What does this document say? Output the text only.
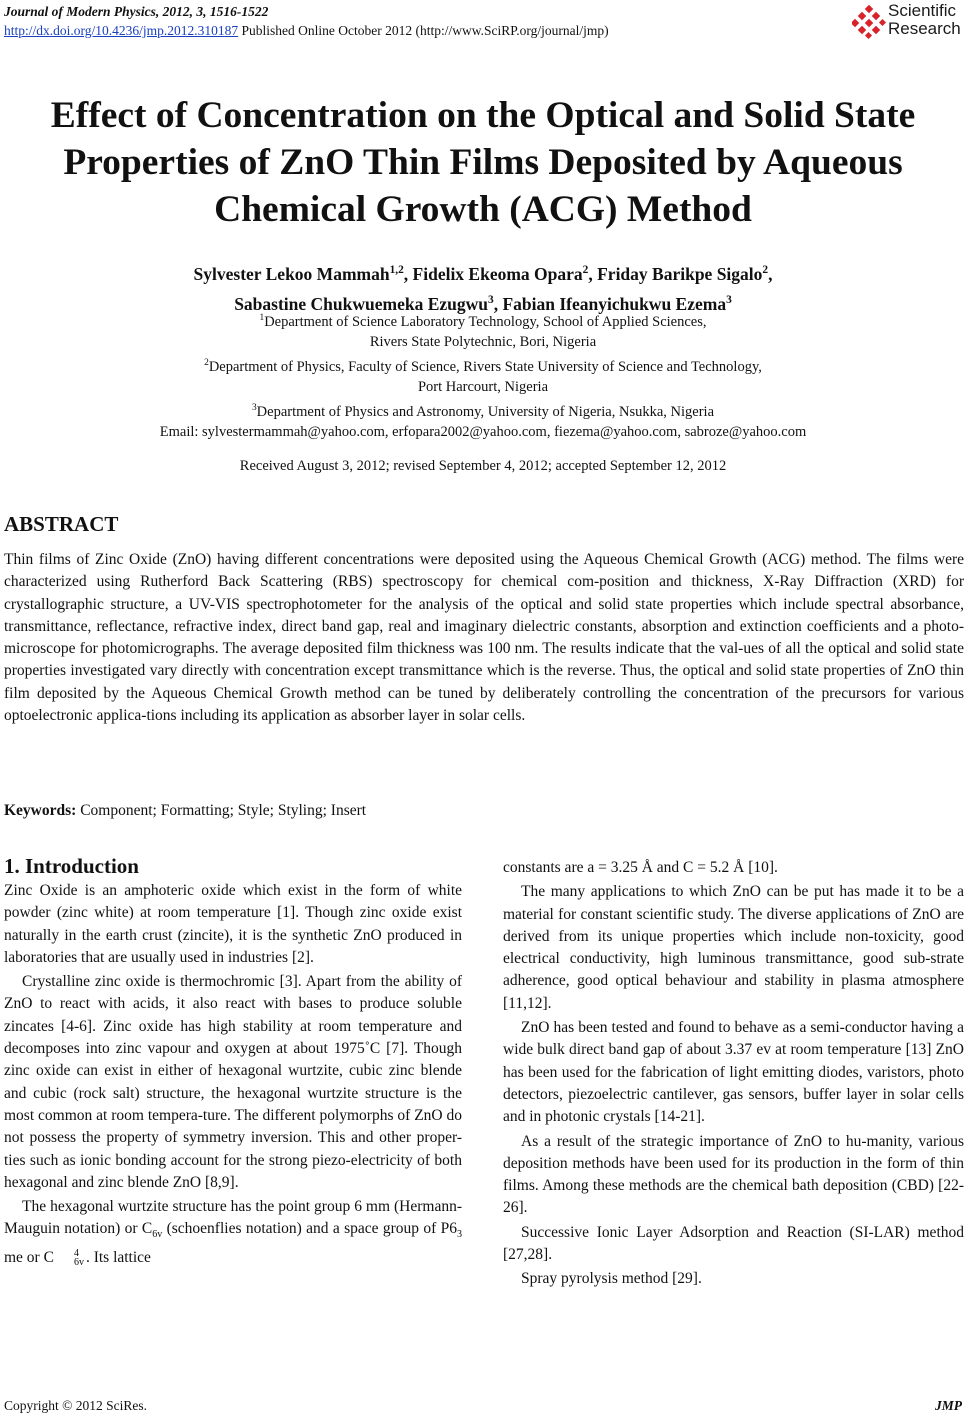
Journal of Modern Physics, 2012, 3, 1516-1522
http://dx.doi.org/10.4236/jmp.2012.310187 Published Online October 2012 (http://www.SciRP.org/journal/jmp)
Scientific
Research
Effect of Concentration on the Optical and Solid State Properties of ZnO Thin Films Deposited by Aqueous Chemical Growth (ACG) Method
Sylvester Lekoo Mammah$^{1,2}$, Fidelix Ekeoma Opara$^2$, Friday Barikpe Sigalo$^2$,
Sabastine Chukwuemeka Ezugwu$^3$, Fabian Ifeanyichukwu Ezema$^3$
$^1$Department of Science Laboratory Technology, School of Applied Sciences,
Rivers State Polytechnic, Bori, Nigeria
$^2$Department of Physics, Faculty of Science, Rivers State University of Science and Technology,
Port Harcourt, Nigeria
$^3$Department of Physics and Astronomy, University of Nigeria, Nsukka, Nigeria
Email: sylvestermammah@yahoo.com, erfopara2002@yahoo.com, fiezema@yahoo.com, sabroze@yahoo.com
Received August 3, 2012; revised September 4, 2012; accepted September 12, 2012
ABSTRACT
Thin films of Zinc Oxide (ZnO) having different concentrations were deposited using the Aqueous Chemical Growth (ACG) method. The films were characterized using Rutherford Back Scattering (RBS) spectroscopy for chemical com-position and thickness, X-Ray Diffraction (XRD) for crystallographic structure, a UV-VIS spectrophotometer for the analysis of the optical and solid state properties which include spectral absorbance, transmittance, reflectance, refractive index, direct band gap, real and imaginary dielectric constants, absorption and extinction coefficients and a photo-microscope for photomicrographs. The average deposited film thickness was 100 nm. The results indicate that the val-ues of all the optical and solid state properties investigated vary directly with concentration except transmittance which is the reverse. Thus, the optical and solid state properties of ZnO thin film deposited by the Aqueous Chemical Growth method can be tuned by deliberately controlling the concentration of the precursors for various optoelectronic applica-tions including its application as absorber layer in solar cells.
Keywords: Component; Formatting; Style; Styling; Insert
1. Introduction

Zinc Oxide is an amphoteric oxide which exist in the form of white powder (zinc white) at room temperature [1]. Though zinc oxide exist naturally in the earth crust (zincite), it is the synthetic ZnO produced in laboratories that are usually used in industries [2].

Crystalline zinc oxide is thermochromic [3]. Apart from the ability of ZnO to react with acids, it also react with bases to produce soluble zincates [4-6]. Zinc oxide has high stability at room temperature and decomposes into zinc vapour and oxygen at about 1975˚C [7]. Though zinc oxide can exist in either of hexagonal wurtzite, cubic zinc blende and cubic (rock salt) structure, the hexagonal wurtzite structure is the most common at room tempera-ture. The different polymorphs of ZnO do not possess the property of symmetry inversion. This and other proper-ties such as ionic bonding account for the strong piezo-electricity of both hexagonal and zinc blende ZnO [8,9].

The hexagonal wurtzite structure has the point group 6 mm (Hermann-Mauguin notation) or $C_{6v}$ (schoenflies notation) and a space group of $P6_3$ me or C	4
6v . Its lattice

constants are a = 3.25 Å and C = 5.2 Å [10].

The many applications to which ZnO can be put has made it to be a material for constant scientific study. The diverse applications of ZnO are derived from its unique properties which include non-toxicity, good electrical conductivity, high luminous transmittance, good sub-strate adherence, good optical behaviour and stability in plasma atmosphere [11,12].

ZnO has been tested and found to behave as a semi-conductor having a wide bulk direct band gap of about 3.37 ev at room temperature [13] ZnO has been used for the fabrication of light emitting diodes, varistors, photo detectors, piezoelectric cantilever, gas sensors, buffer layer in solar cells and in photonic crystals [14-21].

As a result of the strategic importance of ZnO to hu-manity, various deposition methods have been used for its production in the form of thin films. Among these methods are the chemical bath deposition (CBD) [22-26].

Successive Ionic Layer Adsorption and Reaction (SI-LAR) method [27,28].

Spray pyrolysis method [29].

Copyright © 2012 SciRes.	JMP
